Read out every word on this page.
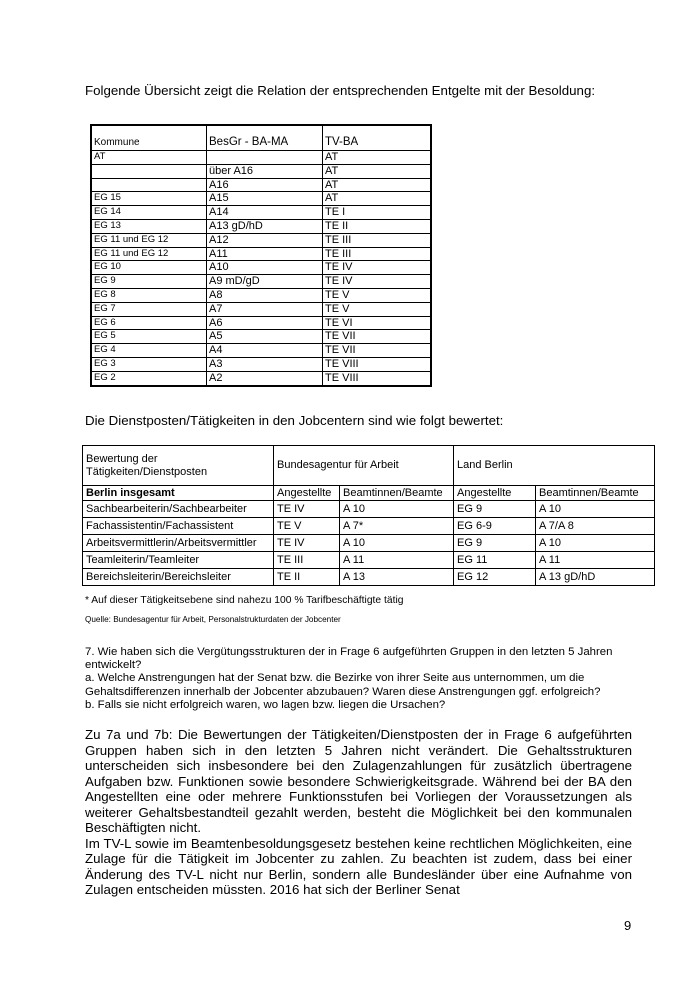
Folgende Übersicht zeigt die Relation der entsprechenden Entgelte mit der Besoldung:
Kommune	BesGr - BA-MA	TV-BA
AT		AT
	über A16	AT
	A16	AT
EG 15	A15	AT
EG 14	A14	TE I
EG 13	A13 gD/hD	TE II
EG 11 und EG 12	A12	TE III
EG 11 und EG 12	A11	TE III
EG 10	A10	TE IV
EG 9	A9 mD/gD	TE IV
EG 8	A8	TE V
EG 7	A7	TE V
EG 6	A6	TE VI
EG 5	A5	TE VII
EG 4	A4	TE VII
EG 3	A3	TE VIII
EG 2	A2	TE VIII
Die Dienstposten/Tätigkeiten in den Jobcentern sind wie folgt bewertet:
Bewertung der
Tätigkeiten/Dienstposten	Bundesagentur für Arbeit		Land Berlin	
Berlin insgesamt	Angestellte	Beamtinnen/Beamte	Angestellte	Beamtinnen/Beamte
Sachbearbeiterin/Sachbearbeiter	TE IV	A 10	EG 9	A 10
Fachassistentin/Fachassistent	TE V	A 7*	EG 6-9	A 7/A 8
Arbeitsvermittlerin/Arbeitsvermittler	TE IV	A 10	EG 9	A 10
Teamleiterin/Teamleiter	TE III	A 11	EG 11	A 11
Bereichsleiterin/Bereichsleiter	TE II	A 13	EG 12	A 13 gD/hD
* Auf dieser Tätigkeitsebene sind nahezu 100 % Tarifbeschäftigte tätig
Quelle: Bundesagentur für Arbeit, Personalstrukturdaten der Jobcenter

7. Wie haben sich die Vergütungsstrukturen der in Frage 6 aufgeführten Gruppen in den letzten 5 Jahren entwickelt?

a. Welche Anstrengungen hat der Senat bzw. die Bezirke von ihrer Seite aus unternommen, um die Gehaltsdifferenzen innerhalb der Jobcenter abzubauen? Waren diese Anstrengungen ggf. erfolgreich?

b. Falls sie nicht erfolgreich waren, wo lagen bzw. liegen die Ursachen?

Zu 7a und 7b: Die Bewertungen der Tätigkeiten/Dienstposten der in Frage 6 aufgeführten Gruppen haben sich in den letzten 5 Jahren nicht verändert. Die Gehaltsstrukturen unterscheiden sich insbesondere bei den Zulagenzahlungen für zusätzlich übertragene Aufgaben bzw. Funktionen sowie besondere Schwierigkeitsgrade. Während bei der BA den Angestellten eine oder mehrere Funktionsstufen bei Vorliegen der Voraussetzungen als weiterer Gehaltsbestandteil gezahlt werden, besteht die Möglichkeit bei den kommunalen Beschäftigten nicht.

Im TV-L sowie im Beamtenbesoldungsgesetz bestehen keine rechtlichen Möglichkeiten, eine Zulage für die Tätigkeit im Jobcenter zu zahlen. Zu beachten ist zudem, dass bei einer Änderung des TV-L nicht nur Berlin, sondern alle Bundesländer über eine Aufnahme von Zulagen entscheiden müssten. 2016 hat sich der Berliner Senat

9
